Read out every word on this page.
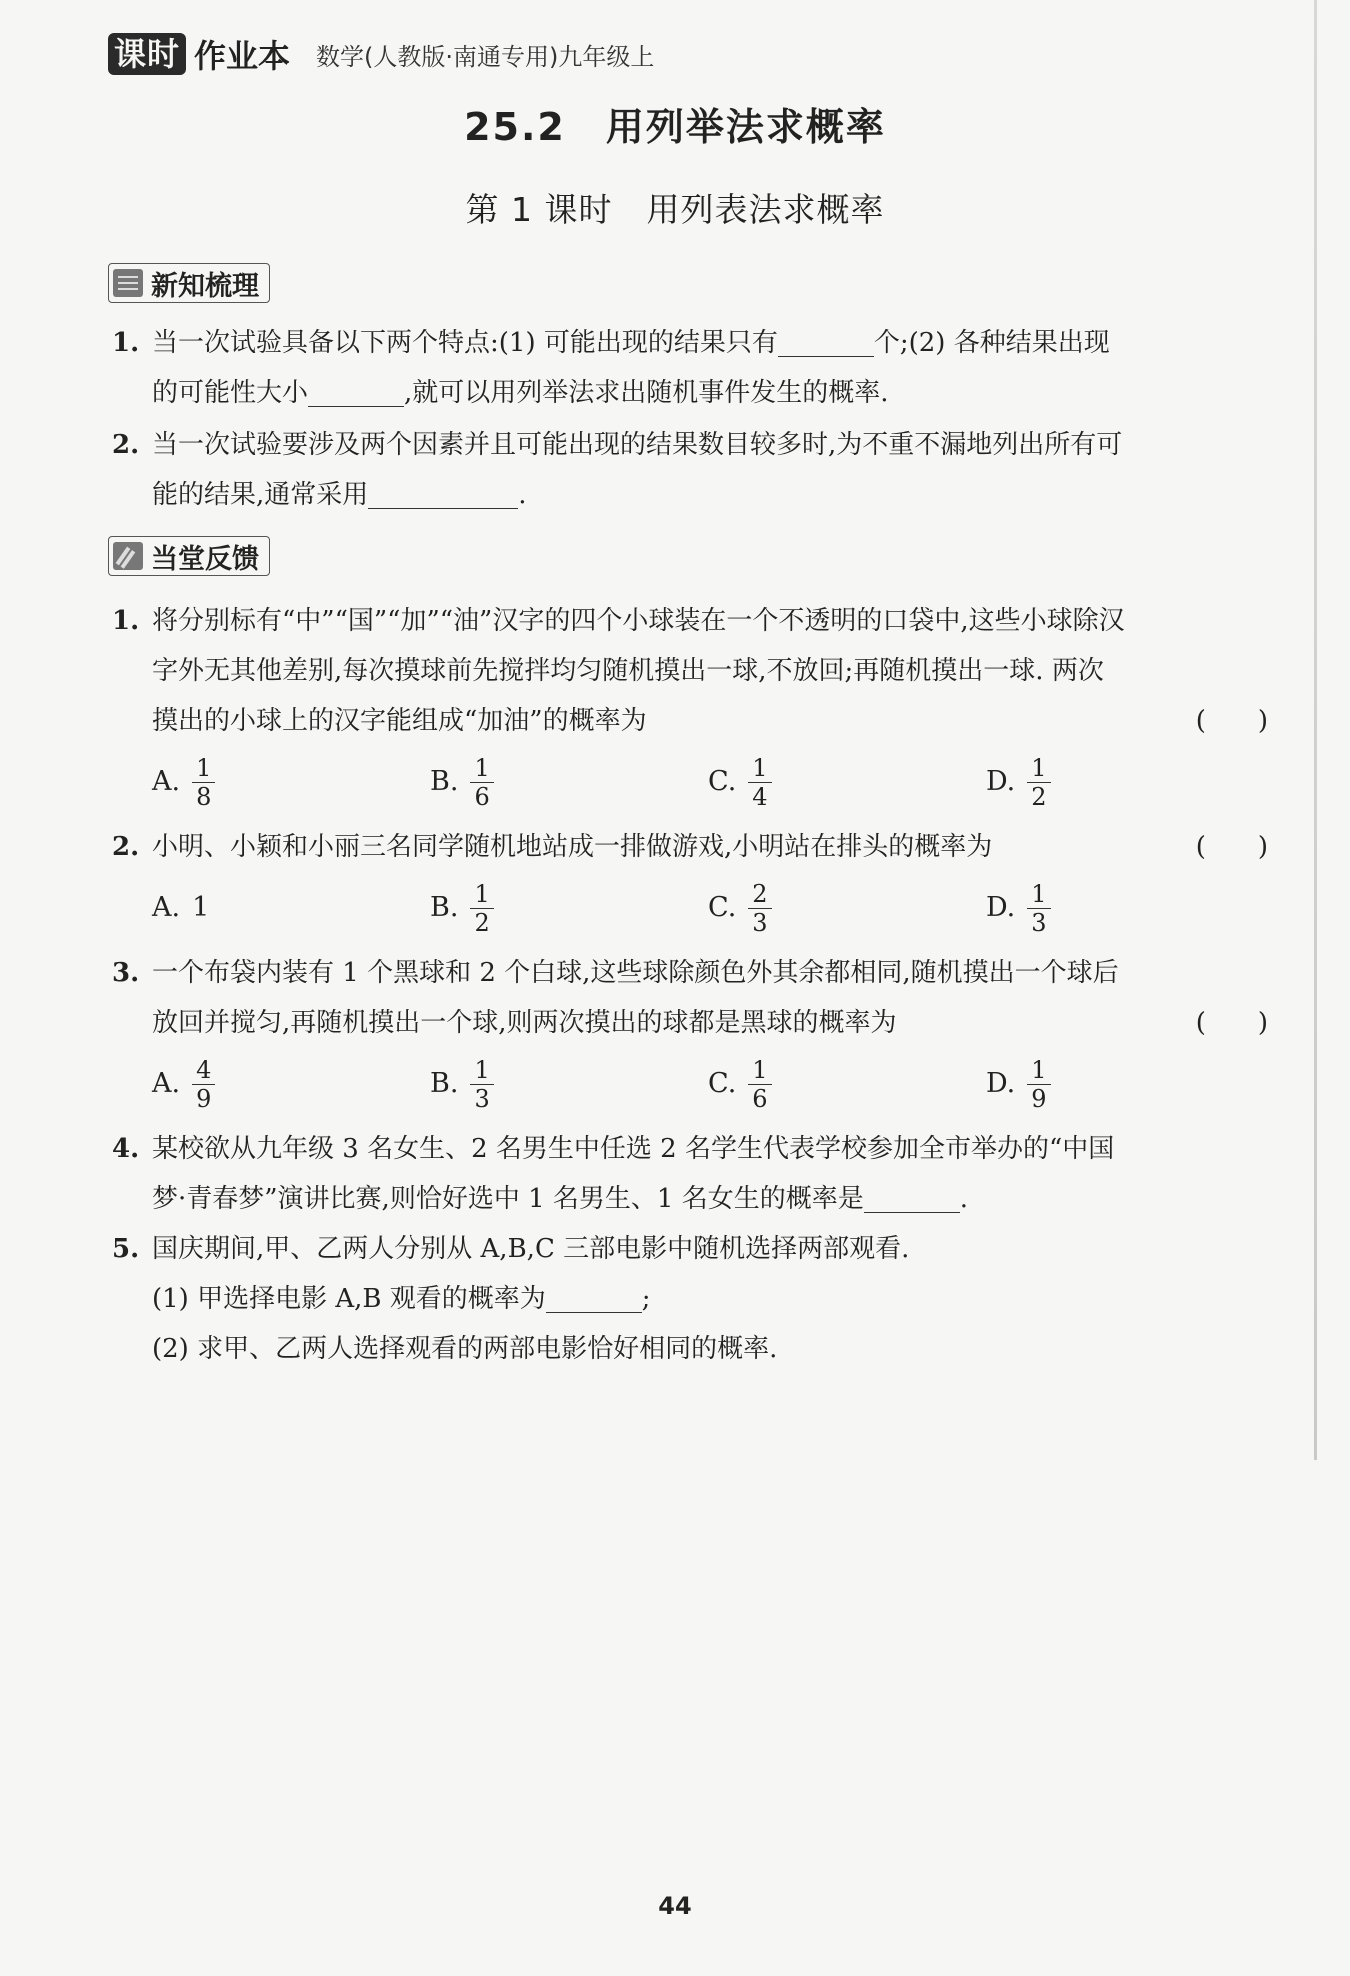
课时 作业本 数学(人教版·南通专用)九年级上
25.2　用列举法求概率
第 1 课时　用列表法求概率
新知梳理
1. 当一次试验具备以下两个特点:(1) 可能出现的结果只有	个;(2) 各种结果出现
的可能性大小	,就可以用列举法求出随机事件发生的概率.
2. 当一次试验要涉及两个因素并且可能出现的结果数目较多时,为不重不漏地列出所有可
能的结果,通常采用	.
当堂反馈
1. 将分别标有“中”“国”“加”“油”汉字的四个小球装在一个不透明的口袋中,这些小球除汉
字外无其他差别,每次摸球前先搅拌均匀随机摸出一球,不放回;再随机摸出一球. 两次
摸出的小球上的汉字能组成“加油”的概率为	(　　)
A. $\frac{1}{8}$	B. $\frac{1}{6}$	C. $\frac{1}{4}$	D. $\frac{1}{2}$
2. 小明、小颖和小丽三名同学随机地站成一排做游戏,小明站在排头的概率为	(　　)
A. 1	B. $\frac{1}{2}$	C. $\frac{2}{3}$	D. $\frac{1}{3}$
3. 一个布袋内装有 1 个黑球和 2 个白球,这些球除颜色外其余都相同,随机摸出一个球后
放回并搅匀,再随机摸出一个球,则两次摸出的球都是黑球的概率为	(　　)
A. $\frac{4}{9}$	B. $\frac{1}{3}$	C. $\frac{1}{6}$	D. $\frac{1}{9}$
4. 某校欲从九年级 3 名女生、2 名男生中任选 2 名学生代表学校参加全市举办的“中国
梦·青春梦”演讲比赛,则恰好选中 1 名男生、1 名女生的概率是	.
5. 国庆期间,甲、乙两人分别从 A,B,C 三部电影中随机选择两部观看.
(1) 甲选择电影 A,B 观看的概率为	;
(2) 求甲、乙两人选择观看的两部电影恰好相同的概率.
44
